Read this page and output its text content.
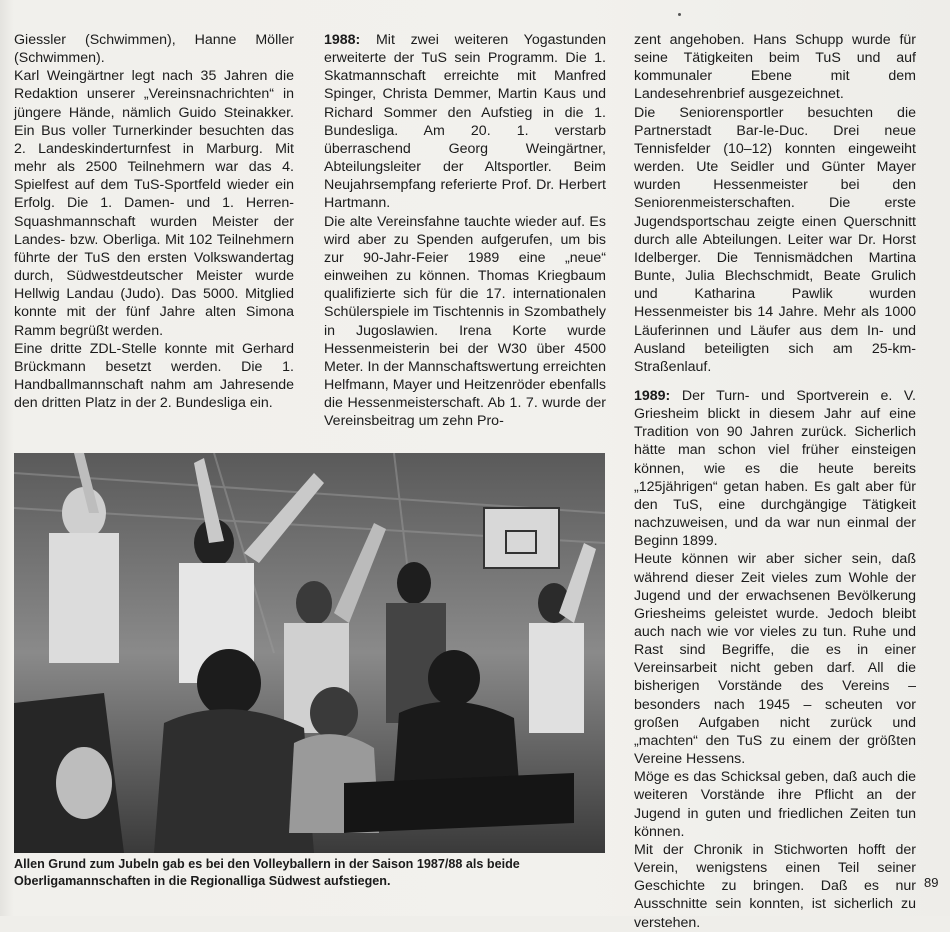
Giessler (Schwimmen), Hanne Möller (Schwimmen).

Karl Weingärtner legt nach 35 Jahren die Redaktion unserer „Vereinsnachrichten“ in jüngere Hände, nämlich Guido Steinakker. Ein Bus voller Turnerkinder besuchten das 2. Landeskinderturnfest in Marburg. Mit mehr als 2500 Teilnehmern war das 4. Spielfest auf dem TuS-Sportfeld wieder ein Erfolg. Die 1. Damen- und 1. Herren-Squashmannschaft wurden Meister der Landes- bzw. Oberliga. Mit 102 Teilnehmern führte der TuS den ersten Volkswandertag durch, Südwestdeutscher Meister wurde Hellwig Landau (Judo). Das 5000. Mitglied konnte mit der fünf Jahre alten Simona Ramm begrüßt werden.

Eine dritte ZDL-Stelle konnte mit Gerhard Brückmann besetzt werden. Die 1. Handballmannschaft nahm am Jahresende den dritten Platz in der 2. Bundesliga ein.

1988: Mit zwei weiteren Yogastunden erweiterte der TuS sein Programm. Die 1. Skatmannschaft erreichte mit Manfred Spinger, Christa Demmer, Martin Kaus und Richard Sommer den Aufstieg in die 1. Bundesliga. Am 20. 1. verstarb überraschend Georg Weingärtner, Abteilungsleiter der Altsportler. Beim Neujahrsempfang referierte Prof. Dr. Herbert Hartmann.

Die alte Vereinsfahne tauchte wieder auf. Es wird aber zu Spenden aufgerufen, um bis zur 90-Jahr-Feier 1989 eine „neue“ einweihen zu können. Thomas Kriegbaum qualifizierte sich für die 17. internationalen Schülerspiele im Tischtennis in Szombathely in Jugoslawien. Irena Korte wurde Hessenmeisterin bei der W30 über 4500 Meter. In der Mannschaftswertung erreichten Helfmann, Mayer und Heitzenröder ebenfalls die Hessenmeisterschaft. Ab 1. 7. wurde der Vereinsbeitrag um zehn Pro-

zent angehoben. Hans Schupp wurde für seine Tätigkeiten beim TuS und auf kommunaler Ebene mit dem Landesehrenbrief ausgezeichnet.

Die Seniorensportler besuchten die Partnerstadt Bar-le-Duc. Drei neue Tennisfelder (10–12) konnten eingeweiht werden. Ute Seidler und Günter Mayer wurden Hessenmeister bei den Seniorenmeisterschaften. Die erste Jugendsportschau zeigte einen Querschnitt durch alle Abteilungen. Leiter war Dr. Horst Idelberger. Die Tennismädchen Martina Bunte, Julia Blechschmidt, Beate Grulich und Katharina Pawlik wurden Hessenmeister bis 14 Jahre. Mehr als 1000 Läuferinnen und Läufer aus dem In- und Ausland beteiligten sich am 25-km-Straßenlauf.

1989: Der Turn- und Sportverein e. V. Griesheim blickt in diesem Jahr auf eine Tradition von 90 Jahren zurück. Sicherlich hätte man schon viel früher einsteigen können, wie es die heute bereits „125jährigen“ getan haben. Es galt aber für den TuS, eine durchgängige Tätigkeit nachzuweisen, und da war nun einmal der Beginn 1899.

Heute können wir aber sicher sein, daß während dieser Zeit vieles zum Wohle der Jugend und der erwachsenen Bevölkerung Griesheims geleistet wurde. Jedoch bleibt auch nach wie vor vieles zu tun. Ruhe und Rast sind Begriffe, die es in einer Vereinsarbeit nicht geben darf. All die bisherigen Vorstände des Vereins – besonders nach 1945 – scheuten vor großen Aufgaben nicht zurück und „machten“ den TuS zu einem der größten Vereine Hessens.

Möge es das Schicksal geben, daß auch die weiteren Vorstände ihre Pflicht an der Jugend in guten und friedlichen Zeiten tun können.

Mit der Chronik in Stichworten hofft der Verein, wenigstens einen Teil seiner Geschichte zu bringen. Daß es nur Ausschnitte sein konnten, ist sicherlich zu verstehen.

Allen Grund zum Jubeln gab es bei den Volleyballern in der Saison 1987/88 als beide Oberligamannschaften in die Regionalliga Südwest aufstiegen.	89
